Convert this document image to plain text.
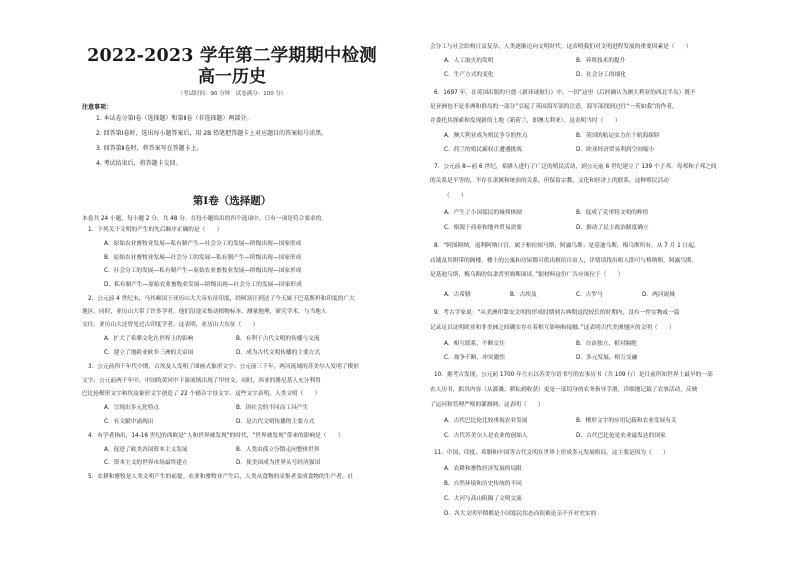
2022-2023 学年第二学期期中检测
高一历史
（考试时间：90 分钟　试卷满分：100 分）
注意事项：
1. 本试卷分第Ⅰ卷（选择题）和第Ⅱ卷（非选择题）两部分。
2. 回答第Ⅰ卷时，选出每小题答案后，用 2B 铅笔把答题卡上对应题目的答案标号涂黑。
3. 回答第Ⅱ卷时，将答案写在答题卡上。
4. 考试结束后，将答题卡交回。
第Ⅰ卷（选择题）
本卷共 24 小题，每小题 2 分，共 48 分。在每小题给出的四个选项中，只有一项是符合要求的。
1．下列关于文明的产生的先后顺序正确的是（　　）
A．原始农业畜牧业发展—私有制产生—社会分工的发展—阶级出现—国家形成
B．原始农业畜牧业发展—社会分工的发展—私有制产生—阶级出现—国家形成
C．社会分工的发展—私有制产生—原始农业畜牧业发展—阶级出现—国家形成
D．私有制产生—原始农业畜牧业发展—阶级出现—社会分工的发展—国家形成
2．公元前 4 世纪末，马其顿国王亚历山大大帝东征印度，经阿富汗到达了今天属于巴基斯坦和印度的广大
地区，同时，亚历山大带了许多学者，他们沿途采集动植物标本，测量地理，研究学术，与当地人
交往，亚历山大还曾见过古印度学者。这表明，亚历山大东征（　　）
A．扩大了希腊文化在世界上的影响	B．有利于古代文明的传播与交流
C．建立了地跨亚欧非三洲的大帝国	D．成为古代文明传播的主要方式
3．公元前四千年代中期，古埃及人发明了图画式象形文字；公元前三千年，两河流域的苏美尔人发明了楔形
文字；公元前两千年中，中国的黄河中下游流域出现了甲骨文，同时，西亚的腓尼基人充分利用
巴比伦楔形文字和埃及象形文字创造了 22 个辅音字母文字。这些文字表明，人类文明（　　）
A．呈现出多元化特点	B．因社会的不同而工具产生
C．有文献中涌现出	D．是古代文明传播的主要方式
4．有学者指出，14-16 世纪的西欧是“人和世界被发现”的时代，“世界被发现”带来的影响是（　　）
A．促进了欧美各国资本主义发展	B．人类由孤立分散走向整体世界
C．资本主义的世界市场最终建立	D．使美国成为世界头号经济强国
5．农耕和畜牧是人类文明产生的前提。农业和畜牧业产生后，人类从食物的采集者变成食物的生产者，社
会分工与社会结构日益复杂，人类逐渐迈向文明时代。这表明我们对文明进程发展的重要因素是（　　）
A．人工取火的发明	B．养殖技术的提升
C．生产方式的变化	D．社会分工的细化
6．1697 年，在英国出版的旦德《新环球航行》中，一切“这里（后经确认为澳大利亚的西北半岛）既不
是亚洲也不是非洲和群岛的一部分”引起了英国海军部的注意，海军部找到过往“一英如我”的作者，
并委托其探索和发现新的土地（新荷兰，即澳大利亚）。这表明当时（　　）
A．澳大利亚成为殖民争夺的焦点	B．英国的航运实力在于航海探险
C．荷兰的殖民霸权正遭遇挑战	D．欧亚经济贸易利润空间缩小
7．公元前 8—前 6 世纪，希腊人进行了广泛的殖民活动，到公元前 6 世纪建立了 139 个子邦。母邦和子邦之间
的关系是平等的，不存在隶属和统治的关系，但保留宗教、文化和经济上的联系，这种殖民活动
（　　）
A．产生了小国寡民的城邦体制	B．促成了克里特文明的辉煌
C．根源于商业和地外贸易需要	D．推动了民主政治制度确立
8．“阿图阿纳，返利阿纳日宫，属于柏拉图马斯，阿露乌斯；是基迪乌斯，梅乌斯所有，从 7 月 1 日起，
店铺及其附带的阁楼，楼上的公寓和房屋都可供出租给自由人，详情请找出租人即可与格纳斯，阿露乌斯，
是基迪乌斯，梅乌斯的奴隶普里姆斯面谈。”据材料这份广告应该位于（　　）
A．古希腊	B．古埃及	C．古罗马	D．两河流域
9．考古学家说：“从美洲印第安文明的形成时期到古典期这段较长的时期内，没有一件实物或一篇
记录足以证明欧亚和非美洲之间确实存在着相互影响和接触。”这表明古代美洲地区的文明（　　）
A．相互联系，不断交往	B．自由独立，相对隔绝
C．战争不断，冲突激烈	D．多元发展，相互交融
10．据考古发现，公元前 1700 年左右以苏美尔语书写的农事历书（共 109 行）是目前所知世界上最早的一部
农人历书，抓其内容（从灌溉、耕耘到收获）更是一部切身的农务指导手册，详细地记载了农事活动，反映
了运河和管理严格的灌溉网。这表明（　　）
A．古代巴比伦比较重视农业发展	B．楔形文字的应用记载和农业发展有关
C．古代苏美尔人是农业的创始人	D．古代巴比伦是农业最发达的国家
11．中国、印度、希腊和中国等古代文明在世界上形成多元发展格局，这主要是因为（　　）
A．农耕和畜牧经济发展的局限
B．自然环境和历史传统的不同
C．大河与高山阻隔了文明交流
D．各大文明早期都是小国寡民状态而很难论亲不开对史实的
